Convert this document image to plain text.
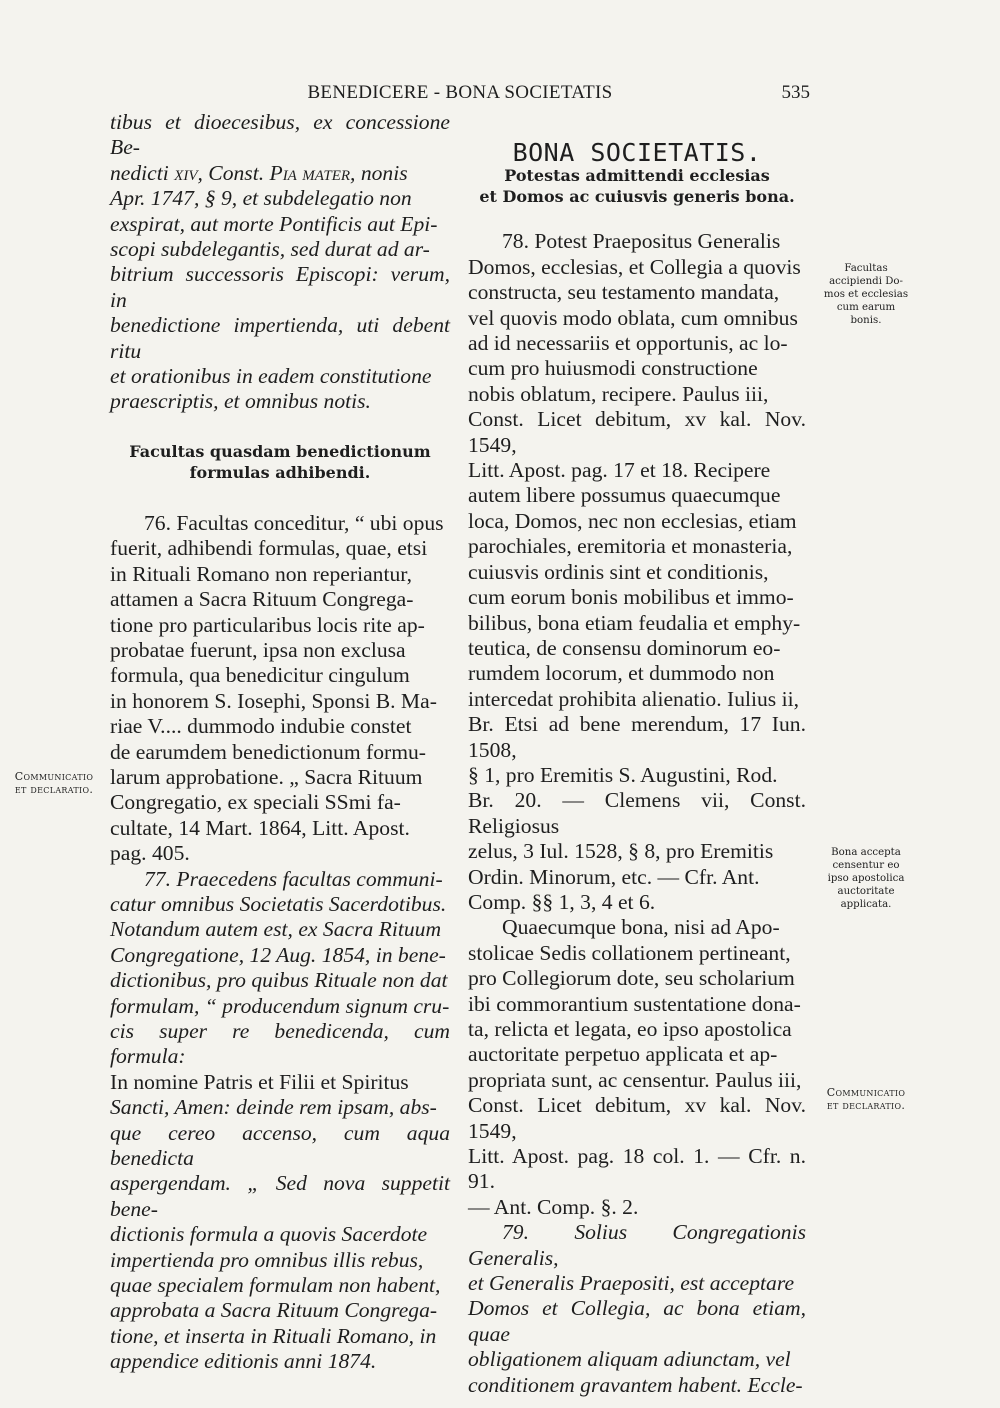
BENEDICERE - BONA SOCIETATIS	535

tibus et dioecesibus, ex concessione Be-

nedicti xiv, Const. Pia mater, nonis

Apr. 1747, § 9, et subdelegatio non

exspirat, aut morte Pontificis aut Epi-

scopi subdelegantis, sed durat ad ar-

bitrium successoris Episcopi: verum, in

benedictione impertienda, uti debent ritu

et orationibus in eadem constitutione

praescriptis, et omnibus notis.

Facultas quasdam benedictionum

formulas adhibendi.

76. Facultas conceditur, “ ubi opus

fuerit, adhibendi formulas, quae, etsi

in Rituali Romano non reperiantur,

attamen a Sacra Rituum Congrega-

tione pro particularibus locis rite ap-

probatae fuerunt, ipsa non exclusa

formula, qua benedicitur cingulum

in honorem S. Iosephi, Sponsi B. Ma-

riae V.... dummodo indubie constet

de earumdem benedictionum formu-

larum approbatione. „ Sacra Rituum

Congregatio, ex speciali SSmi fa-

cultate, 14 Mart. 1864, Litt. Apost.

pag. 405.

77. Praecedens facultas communi-

catur omnibus Societatis Sacerdotibus.

Notandum autem est, ex Sacra Rituum

Congregatione, 12 Aug. 1854, in bene-

dictionibus, pro quibus Rituale non dat

formulam, “ producendum signum cru-

cis super re benedicenda, cum formula:

In nomine Patris et Filii et Spiritus

Sancti, Amen: deinde rem ipsam, abs-

que cereo accenso, cum aqua benedicta

aspergendam. „ Sed nova suppetit bene-

dictionis formula a quovis Sacerdote

impertienda pro omnibus illis rebus,

quae specialem formulam non habent,

approbata a Sacra Rituum Congrega-

tione, et inserta in Rituali Romano, in

appendice editionis anni 1874.

BONA SOCIETATIS.

Potestas admittendi ecclesias

et Domos ac cuiusvis generis bona.

78. Potest Praepositus Generalis

Domos, ecclesias, et Collegia a quovis

constructa, seu testamento mandata,

vel quovis modo oblata, cum omnibus

ad id necessariis et opportunis, ac lo-

cum pro huiusmodi constructione

nobis oblatum, recipere. Paulus iii,

Const. Licet debitum, xv kal. Nov. 1549,

Litt. Apost. pag. 17 et 18. Recipere

autem libere possumus quaecumque

loca, Domos, nec non ecclesias, etiam

parochiales, eremitoria et monasteria,

cuiusvis ordinis sint et conditionis,

cum eorum bonis mobilibus et immo-

bilibus, bona etiam feudalia et emphy-

teutica, de consensu dominorum eo-

rumdem locorum, et dummodo non

intercedat prohibita alienatio. Iulius ii,

Br. Etsi ad bene merendum, 17 Iun. 1508,

§ 1, pro Eremitis S. Augustini, Rod.

Br. 20. — Clemens vii, Const. Religiosus

zelus, 3 Iul. 1528, § 8, pro Eremitis

Ordin. Minorum, etc. — Cfr. Ant.

Comp. §§ 1, 3, 4 et 6.

Quaecumque bona, nisi ad Apo-

stolicae Sedis collationem pertineant,

pro Collegiorum dote, seu scholarium

ibi commorantium sustentatione dona-

ta, relicta et legata, eo ipso apostolica

auctoritate perpetuo applicata et ap-

propriata sunt, ac censentur. Paulus iii,

Const. Licet debitum, xv kal. Nov. 1549,

Litt. Apost. pag. 18 col. 1. — Cfr. n. 91.

— Ant. Comp. §. 2.

79. Solius Congregationis Generalis,

et Generalis Praepositi, est acceptare

Domos et Collegia, ac bona etiam, quae

obligationem aliquam adiunctam, vel

conditionem gravantem habent. Eccle-

Communicatio
et declaratio.
Facultas
accipiendi Do-
mos et ecclesias
cum earum
bonis.
Bona accepta
censentur eo
ipso apostolica
auctoritate
applicata.
Communicatio
et declaratio.
